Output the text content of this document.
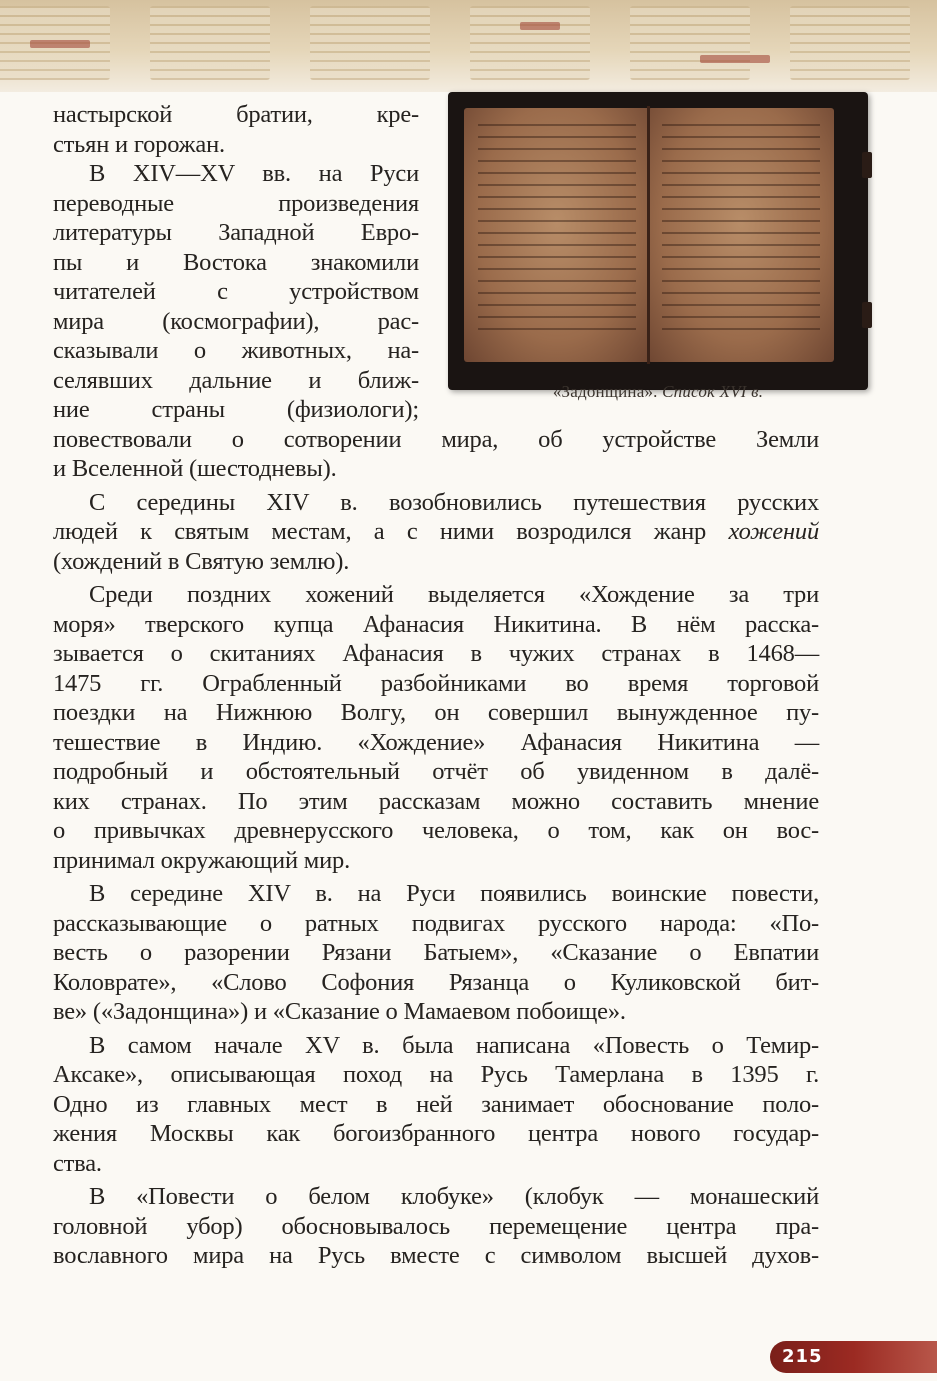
«Задонщина». Список XVI в.
настырской братии, кре-
стьян и горожан.
В XIV—XV вв. на Руси
переводные произведения
литературы Западной Евро-
пы и Востока знакомили
читателей с устройством
мира (космографии), рас-
сказывали о животных, на-
селявших дальние и ближ-
ние страны (физиологи);
повествовали о сотворении мира, об устройстве Земли
и Вселенной (шестодневы).
С середины XIV в. возобновились путешествия русских
людей к святым местам, а с ними возродился жанр хожений
(хождений в Святую землю).
Среди поздних хожений выделяется «Хождение за три
моря» тверского купца Афанасия Никитина. В нём расска-
зывается о скитаниях Афанасия в чужих странах в 1468—
1475 гг. Ограбленный разбойниками во время торговой
поездки на Нижнюю Волгу, он совершил вынужденное пу-
тешествие в Индию. «Хождение» Афанасия Никитина —
подробный и обстоятельный отчёт об увиденном в далё-
ких странах. По этим рассказам можно составить мнение
о привычках древнерусского человека, о том, как он вос-
принимал окружающий мир.
В середине XIV в. на Руси появились воинские повести,
рассказывающие о ратных подвигах русского народа: «По-
весть о разорении Рязани Батыем», «Сказание о Евпатии
Коловрате», «Слово Софония Рязанца о Куликовской бит-
ве» («Задонщина») и «Сказание о Мамаевом побоище».
В самом начале XV в. была написана «Повесть о Темир-
Аксаке», описывающая поход на Русь Тамерлана в 1395 г.
Одно из главных мест в ней занимает обоснование поло-
жения Москвы как богоизбранного центра нового государ-
ства.
В «Повести о белом клобуке» (клобук — монашеский
головной убор) обосновывалось перемещение центра пра-
вославного мира на Русь вместе с символом высшей духов-
215
